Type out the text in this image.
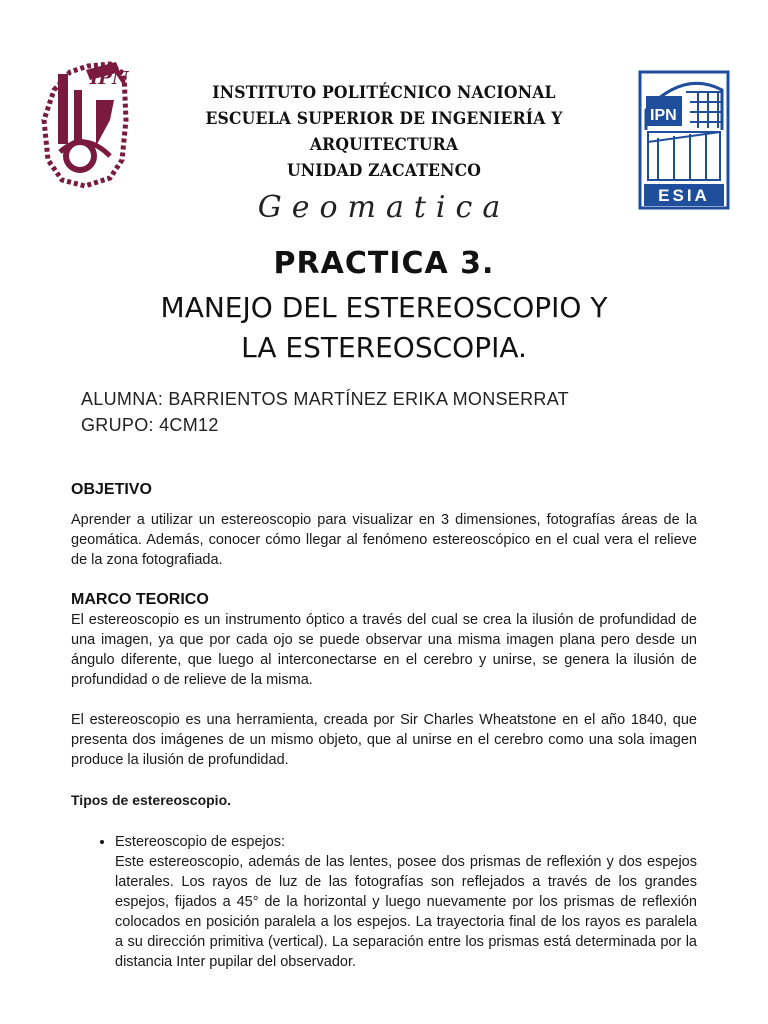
IPN
IPN
ESIA
INSTITUTO POLITÉCNICO NACIONAL
ESCUELA SUPERIOR DE INGENIERÍA Y ARQUITECTURA
UNIDAD ZACATENCO
Geomatica
PRACTICA 3.
MANEJO DEL ESTEREOSCOPIO Y LA ESTEREOSCOPIA.
ALUMNA: BARRIENTOS MARTÍNEZ ERIKA MONSERRAT
GRUPO: 4CM12
OBJETIVO

Aprender a utilizar un estereoscopio para visualizar en 3 dimensiones, fotografías áreas de la geomática. Además, conocer cómo llegar al fenómeno estereoscópico en el cual vera el relieve de la zona fotografiada.

MARCO TEORICO

El estereoscopio es un instrumento óptico a través del cual se crea la ilusión de profundidad de una imagen, ya que por cada ojo se puede observar una misma imagen plana pero desde un ángulo diferente, que luego al interconectarse en el cerebro y unirse, se genera la ilusión de profundidad o de relieve de la misma.

El estereoscopio es una herramienta, creada por Sir Charles Wheatstone en el año 1840, que presenta dos imágenes de un mismo objeto, que al unirse en el cerebro como una sola imagen produce la ilusión de profundidad.

Tipos de estereoscopio.

• Estereoscopio de espejos:
Este estereoscopio, además de las lentes, posee dos prismas de reflexión y dos espejos laterales. Los rayos de luz de las fotografías son reflejados a través de los grandes espejos, fijados a 45° de la horizontal y luego nuevamente por los prismas de reflexión colocados en posición paralela a los espejos. La trayectoria final de los rayos es paralela a su dirección primitiva (vertical). La separación entre los prismas está determinada por la distancia Inter pupilar del observador.
